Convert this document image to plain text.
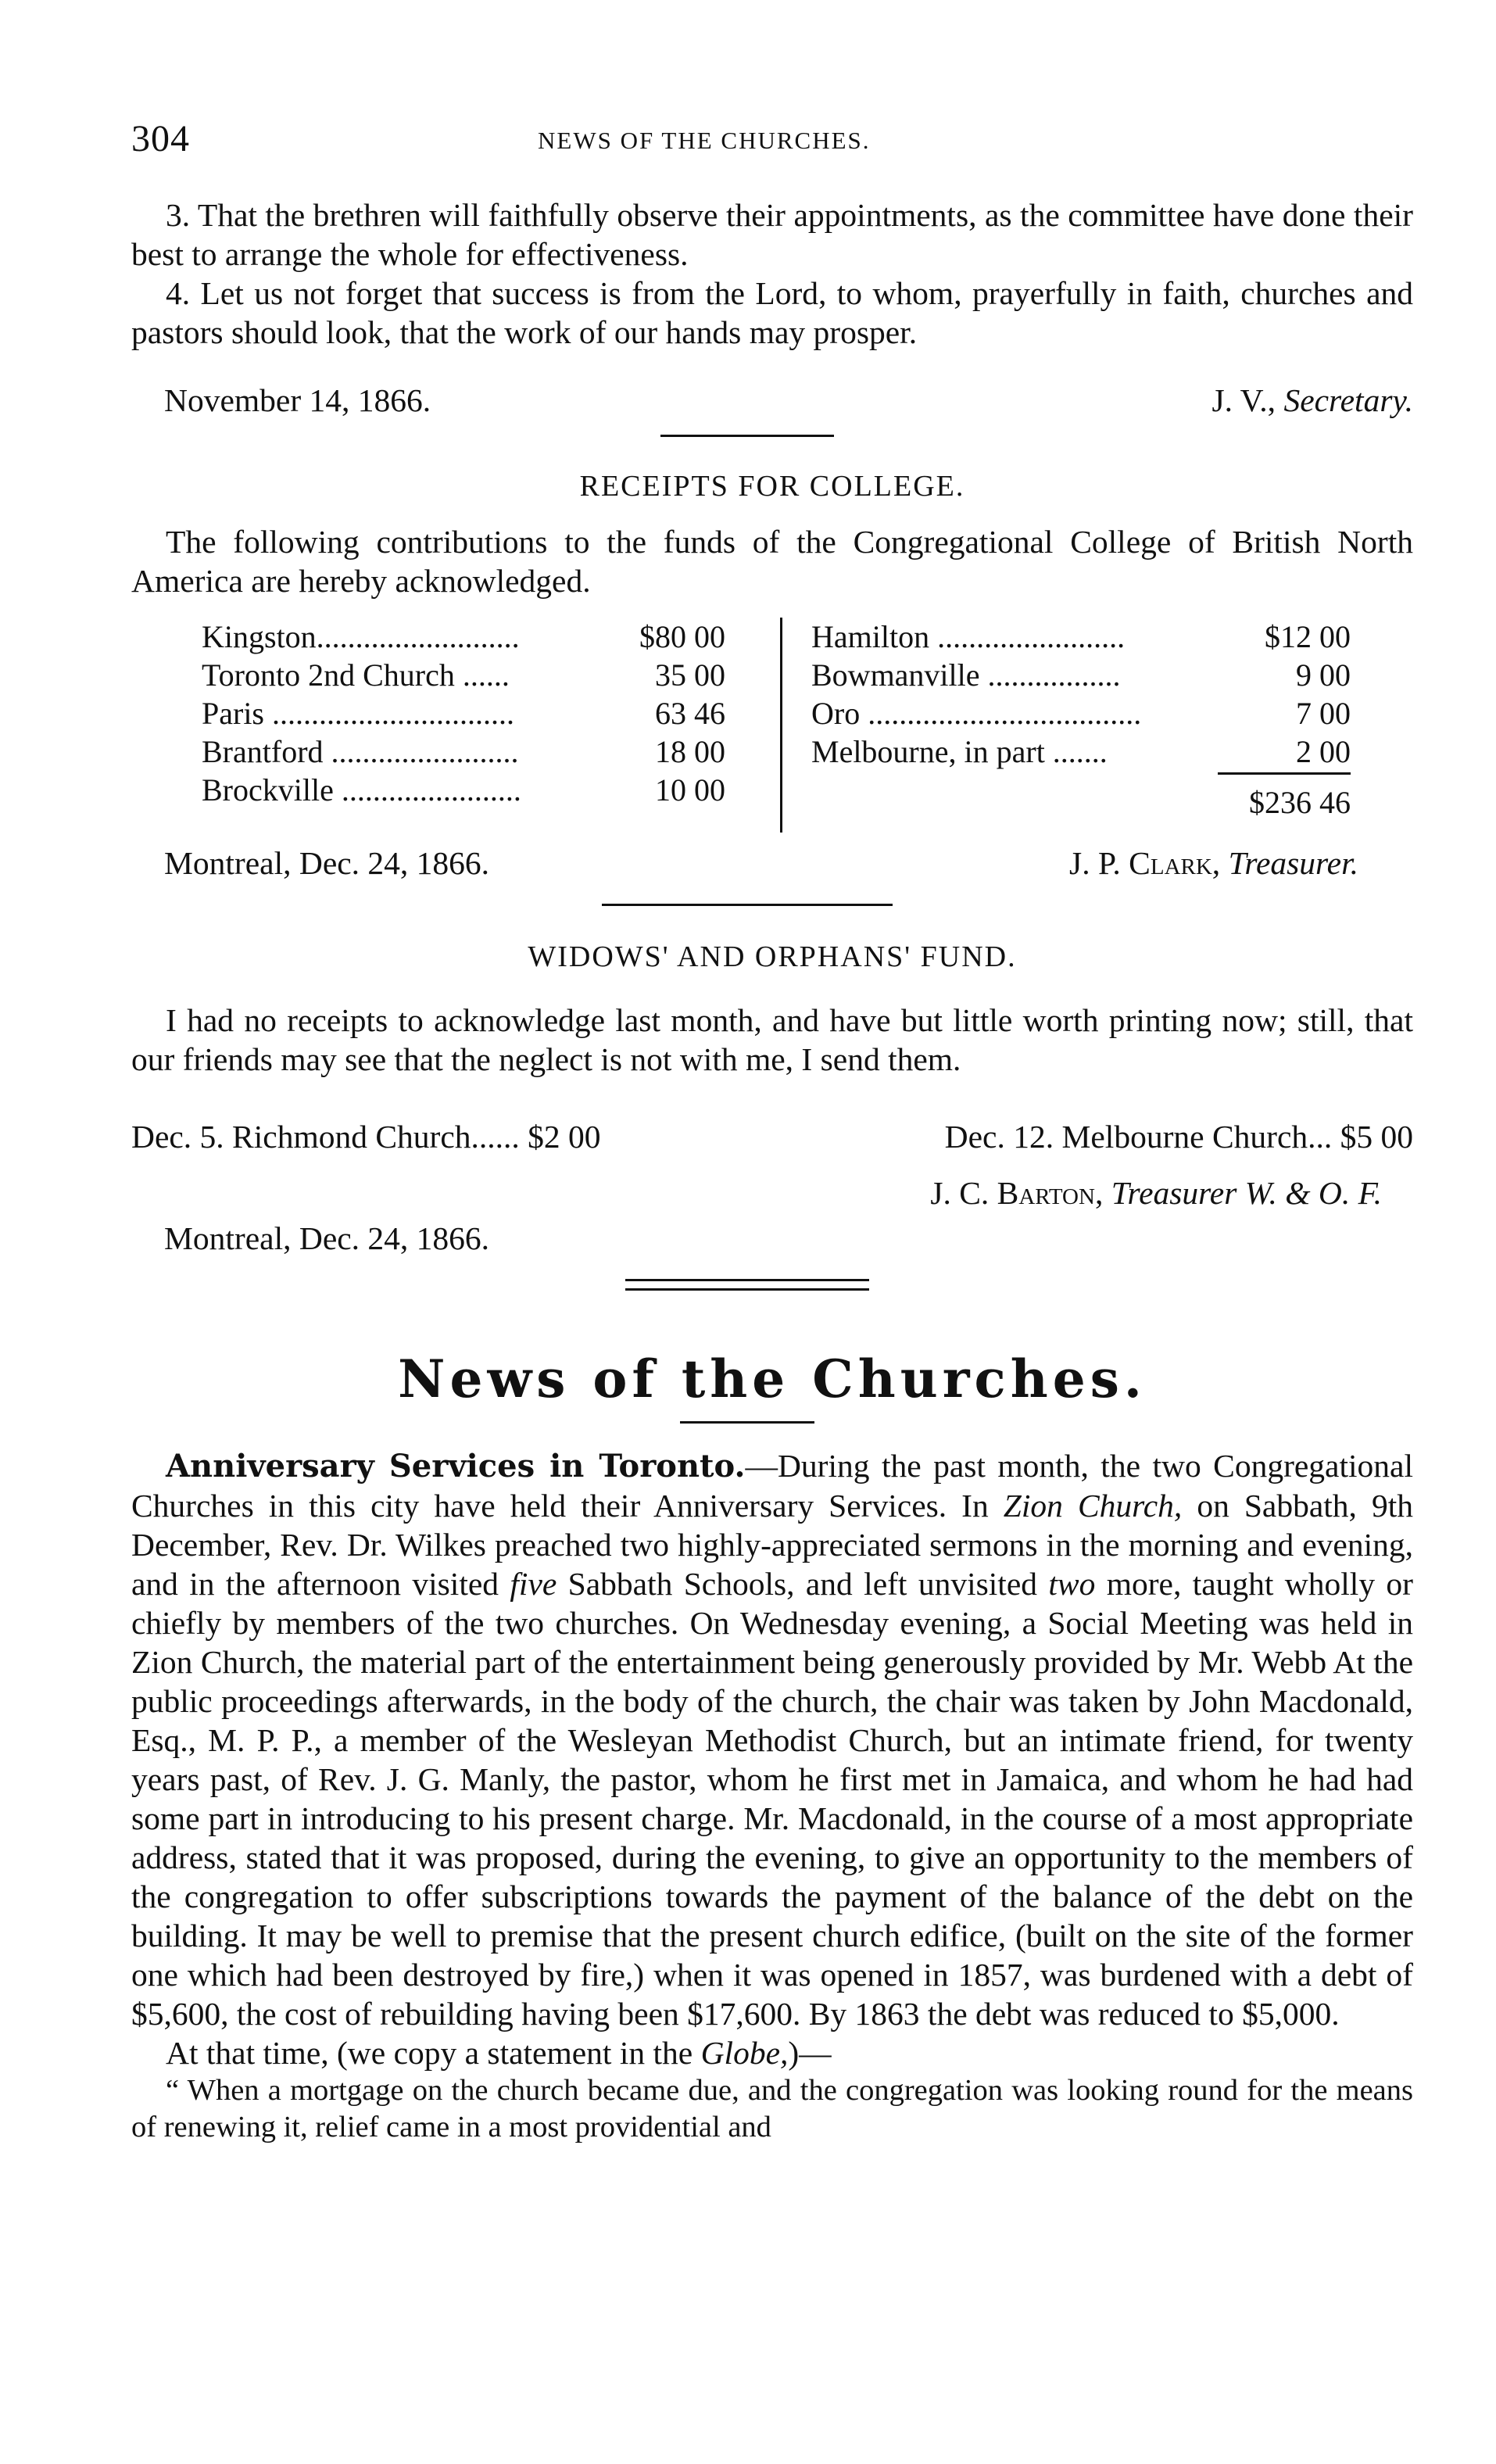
304	NEWS OF THE CHURCHES.

3. That the brethren will faithfully observe their appointments, as the committee have done their best to arrange the whole for effectiveness.

4. Let us not forget that success is from the Lord, to whom, prayerfully in faith, churches and pastors should look, that the work of our hands may prosper.

November 14, 1866.	J. V., Secretary.
RECEIPTS FOR COLLEGE.

The following contributions to the funds of the Congregational College of British North America are hereby acknowledged.

Kingston..........................	$80 00
Toronto 2nd Church ......	35 00
Paris ...............................	63 46
Brantford ........................	18 00
Brockville .......................	10 00
Hamilton ........................	$12 00
Bowmanville .................	9 00
Oro ...................................	7 00
Melbourne, in part .......	2 00
$236 46
Montreal, Dec. 24, 1866.	J. P. Clark, Treasurer.
WIDOWS' AND ORPHANS' FUND.

I had no receipts to acknowledge last month, and have but little worth printing now; still, that our friends may see that the neglect is not with me, I send them.

Dec. 5. Richmond Church...... $2 00	Dec. 12. Melbourne Church... $5 00
J. C. Barton, Treasurer W. & O. F.
Montreal, Dec. 24, 1866.
News of the Churches.

Anniversary Services in Toronto.—During the past month, the two Congregational Churches in this city have held their Anniversary Services. In Zion Church, on Sabbath, 9th December, Rev. Dr. Wilkes preached two highly-appreciated sermons in the morning and evening, and in the afternoon visited five Sabbath Schools, and left unvisited two more, taught wholly or chiefly by members of the two churches. On Wednesday evening, a Social Meeting was held in Zion Church, the material part of the entertainment being generously provided by Mr. Webb At the public proceedings afterwards, in the body of the church, the chair was taken by John Macdonald, Esq., M. P. P., a member of the Wesleyan Methodist Church, but an intimate friend, for twenty years past, of Rev. J. G. Manly, the pastor, whom he first met in Jamaica, and whom he had had some part in introducing to his present charge. Mr. Macdonald, in the course of a most appropriate address, stated that it was proposed, during the evening, to give an opportunity to the members of the congregation to offer subscriptions towards the payment of the balance of the debt on the building. It may be well to premise that the present church edifice, (built on the site of the former one which had been destroyed by fire,) when it was opened in 1857, was burdened with a debt of $5,600, the cost of rebuilding having been $17,600. By 1863 the debt was reduced to $5,000.

At that time, (we copy a statement in the Globe,)—

“ When a mortgage on the church became due, and the congregation was looking round for the means of renewing it, relief came in a most providential and
